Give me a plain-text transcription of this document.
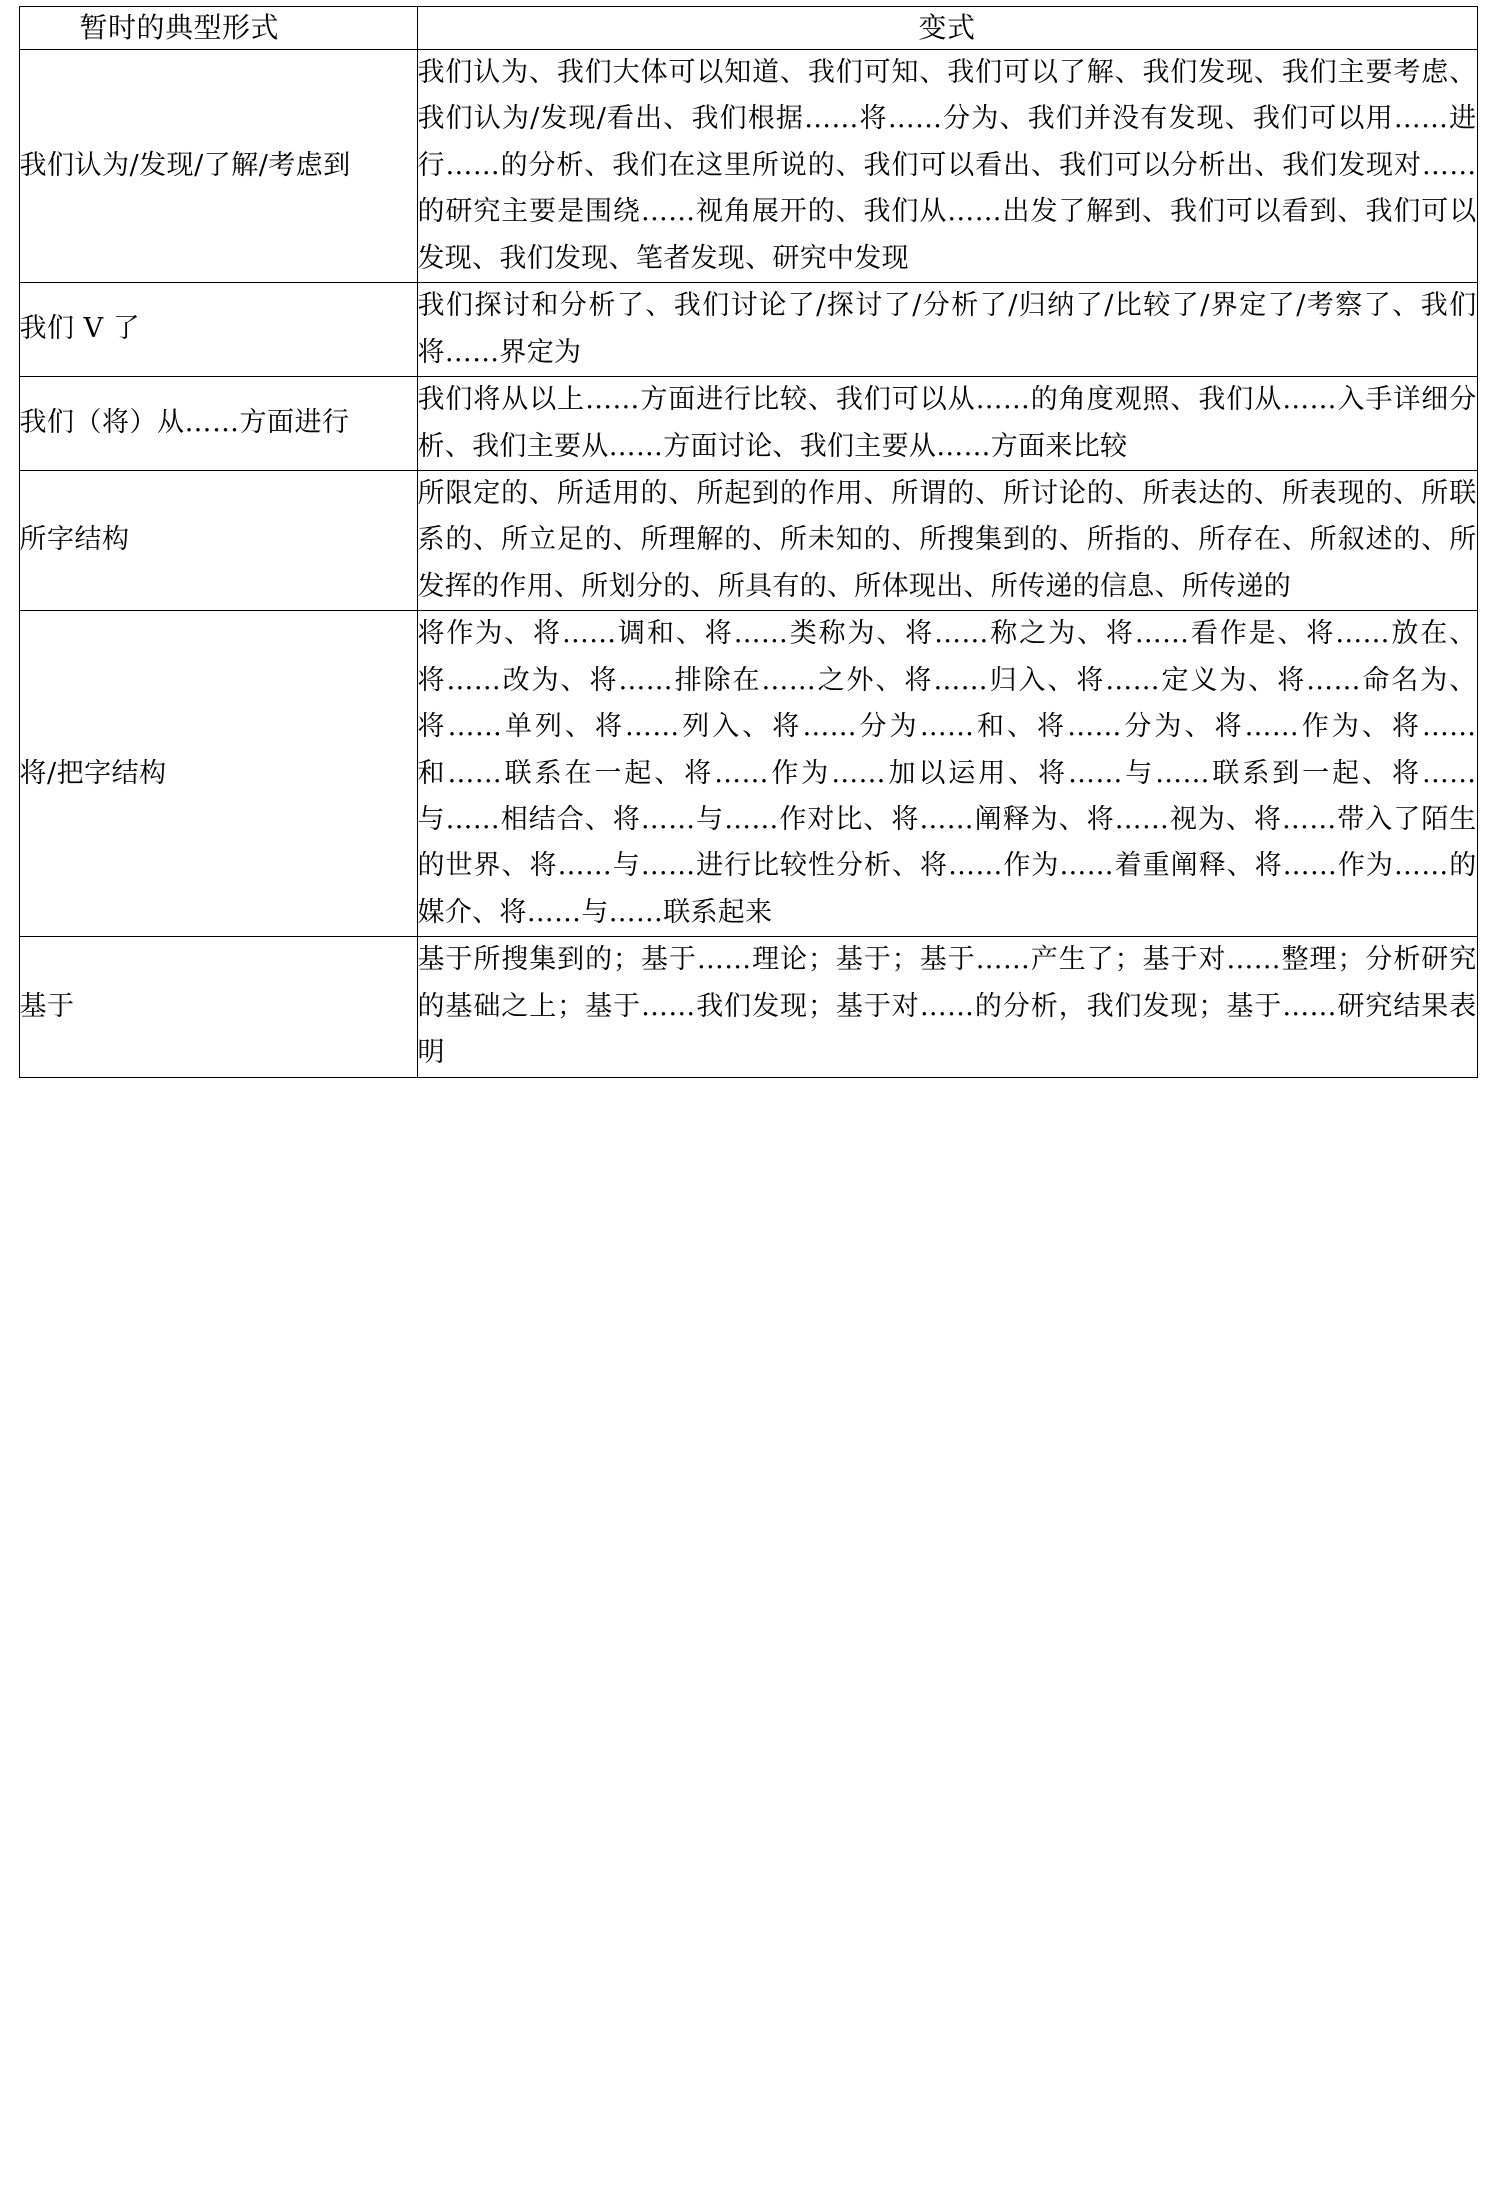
暂时的典型形式	变式
我们认为/发现/了解/考虑到	我们认为、我们大体可以知道、我们可知、我们可以了解、我们发现、我们主要考虑、我们认为/发现/看出、我们根据……将……分为、我们并没有发现、我们可以用……进行……的分析、我们在这里所说的、我们可以看出、我们可以分析出、我们发现对……的研究主要是围绕……视角展开的、我们从……出发了解到、我们可以看到、我们可以发现、我们发现、笔者发现、研究中发现
我们 V 了	我们探讨和分析了、我们讨论了/探讨了/分析了/归纳了/比较了/界定了/考察了、我们将……界定为
我们（将）从……方面进行	我们将从以上……方面进行比较、我们可以从……的角度观照、我们从……入手详细分析、我们主要从……方面讨论、我们主要从……方面来比较
所字结构	所限定的、所适用的、所起到的作用、所谓的、所讨论的、所表达的、所表现的、所联系的、所立足的、所理解的、所未知的、所搜集到的、所指的、所存在、所叙述的、所发挥的作用、所划分的、所具有的、所体现出、所传递的信息、所传递的
将/把字结构	将作为、将……调和、将……类称为、将……称之为、将……看作是、将……放在、将……改为、将……排除在……之外、将……归入、将……定义为、将……命名为、将……单列、将……列入、将……分为……和、将……分为、将……作为、将……和……联系在一起、将……作为……加以运用、将……与……联系到一起、将……与……相结合、将……与……作对比、将……阐释为、将……视为、将……带入了陌生的世界、将……与……进行比较性分析、将……作为……着重阐释、将……作为……的媒介、将……与……联系起来
基于	基于所搜集到的；基于……理论；基于；基于……产生了；基于对……整理；分析研究的基础之上；基于……我们发现；基于对……的分析，我们发现；基于……研究结果表明
